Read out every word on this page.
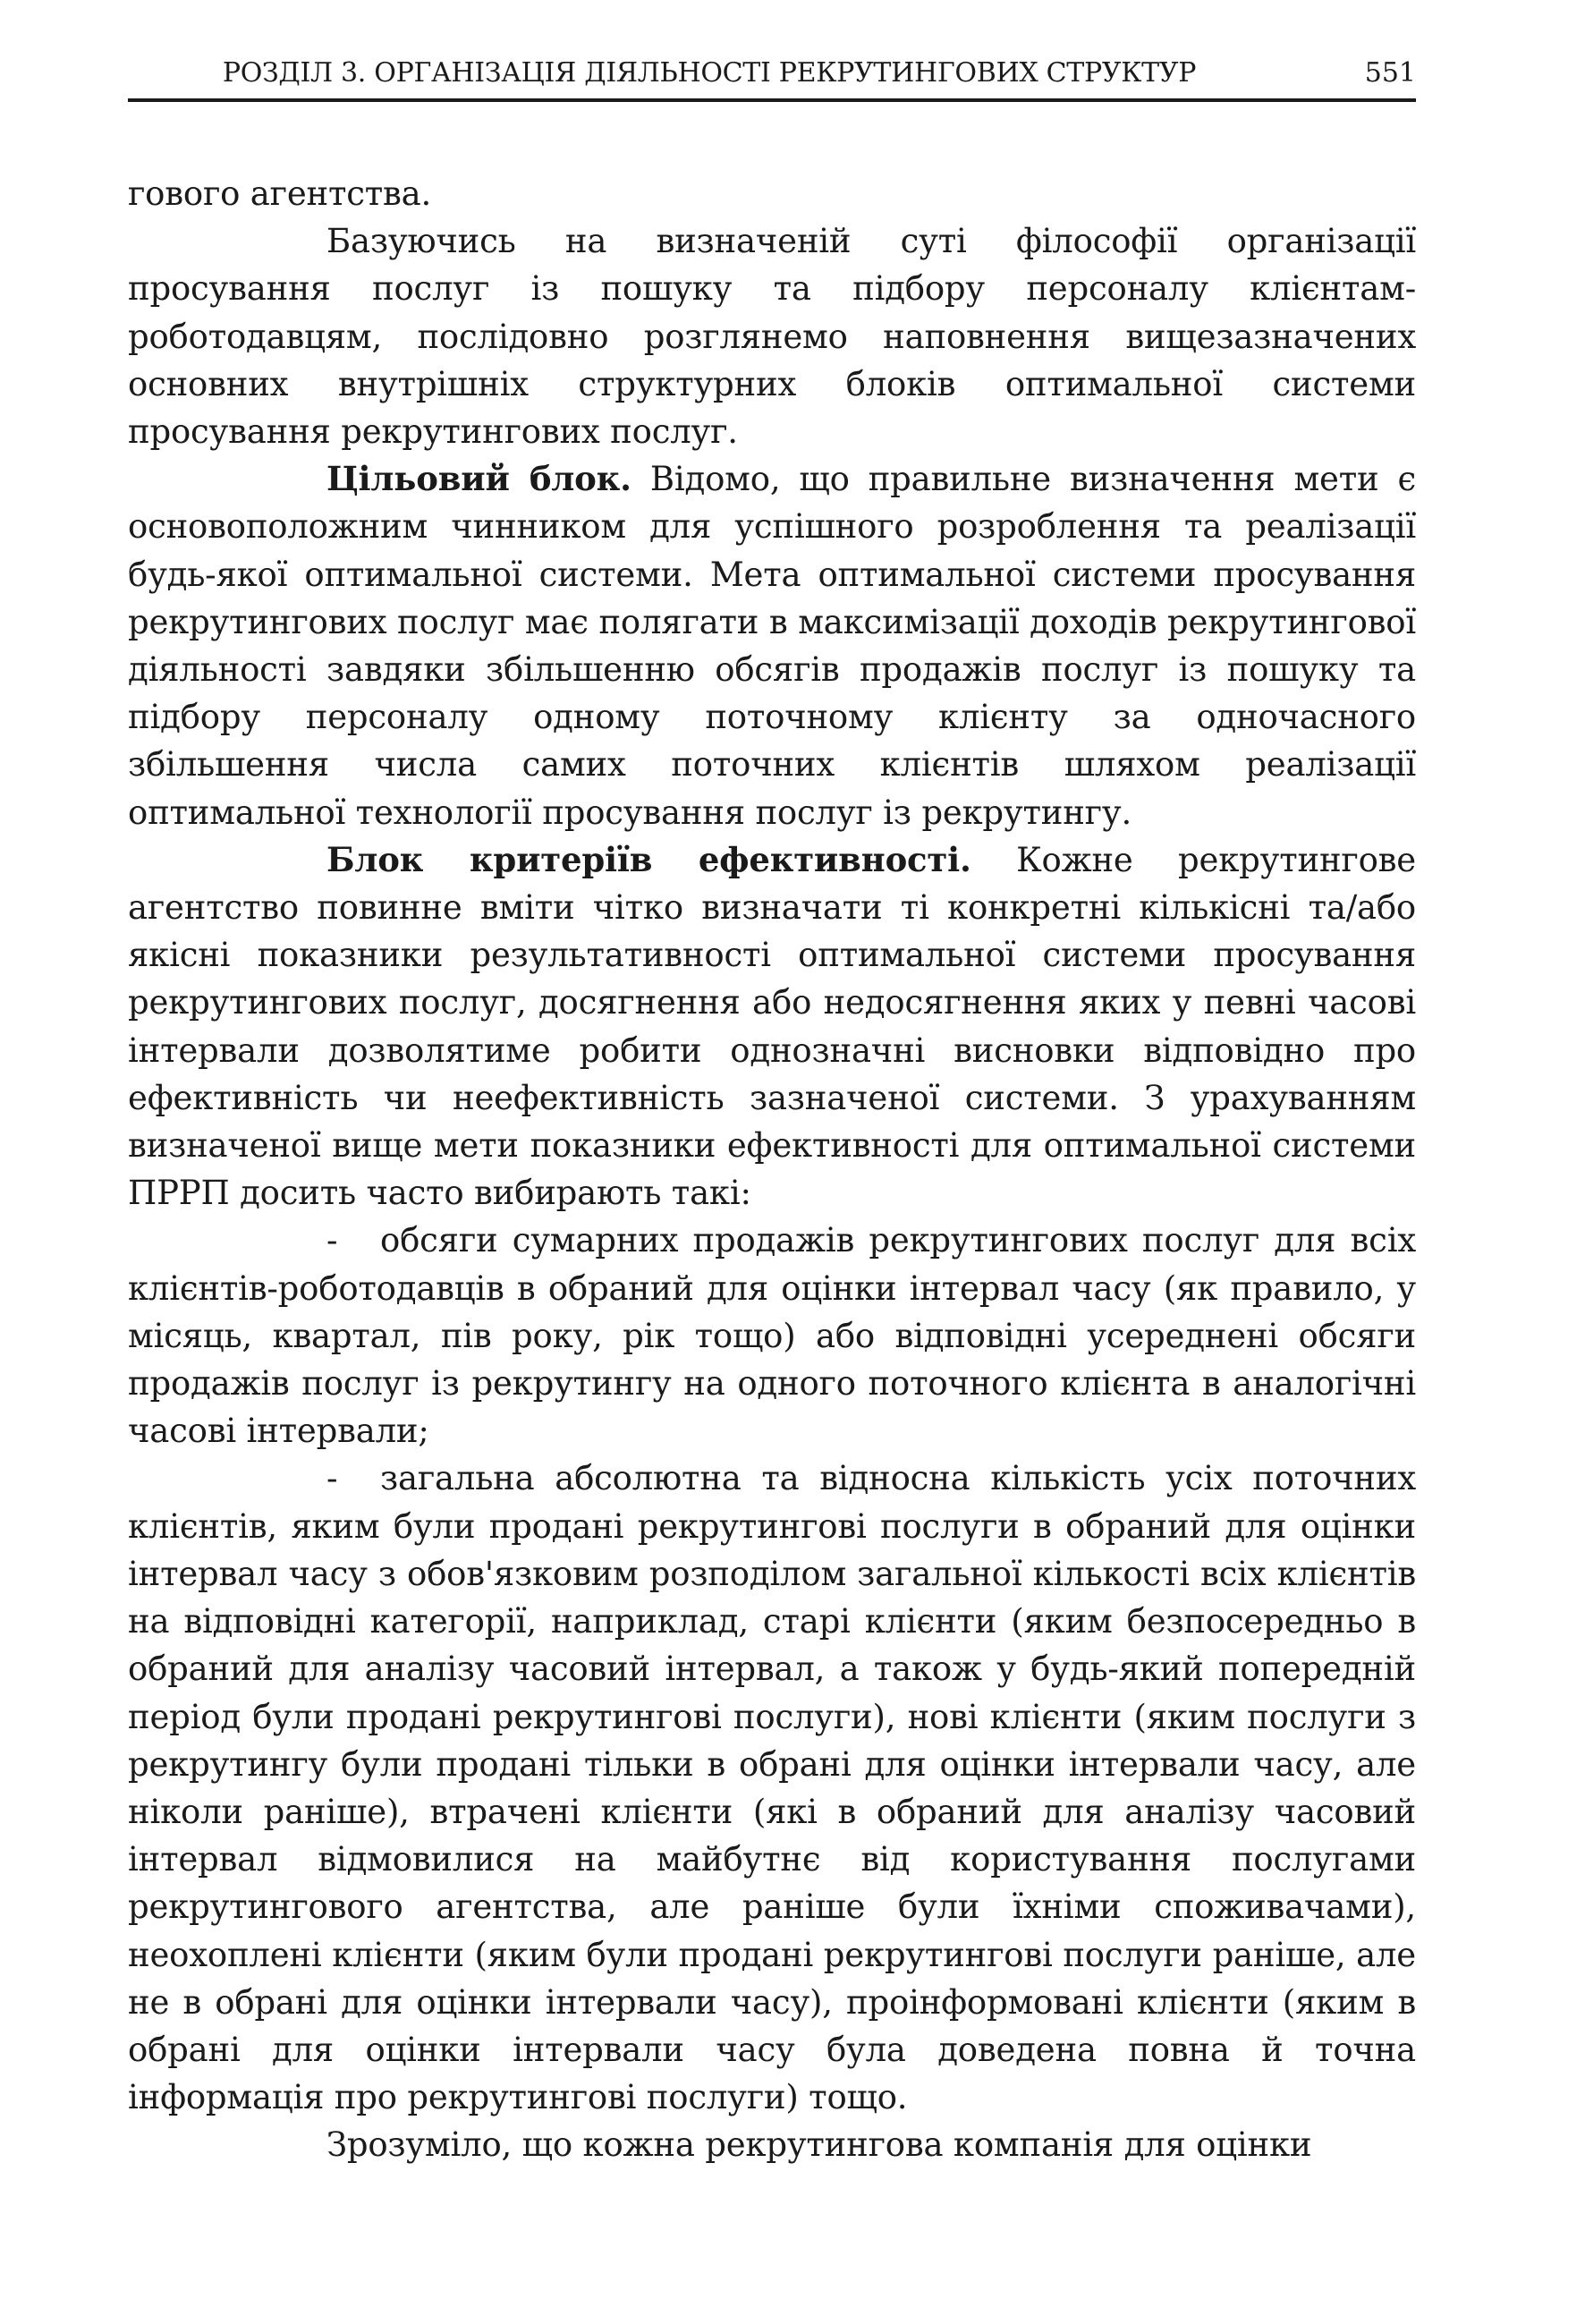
РОЗДІЛ 3. ОРГАНІЗАЦІЯ ДІЯЛЬНОСТІ РЕКРУТИНГОВИХ СТРУКТУР	551

гового агентства.

Базуючись на визначеній суті філософії організації просування послуг із пошуку та підбору персоналу клієнтам-роботодавцям, послідовно розглянемо наповнення вищезазначених основних внутрішніх структурних блоків оптимальної системи просування рекрутингових послуг.

Цільовий блок. Відомо, що правильне визначення мети є основоположним чинником для успішного розроблення та реалізації будь-якої оптимальної системи. Мета оптимальної системи просування рекрутингових послуг має полягати в максимізації доходів рекрутингової діяльності завдяки збільшенню обсягів продажів послуг із пошуку та підбору персоналу одному поточному клієнту за одночасного збільшення числа самих поточних клієнтів шляхом реалізації оптимальної технології просування послуг із рекрутингу.

Блок критеріїв ефективності. Кожне рекрутингове агентство повинне вміти чітко визначати ті конкретні кількісні та/або якісні показники результативності оптимальної системи просування рекрутингових послуг, досягнення або недосягнення яких у певні часові інтервали дозволятиме робити однозначні висновки відповідно про ефективність чи неефективність зазначеної системи. З урахуванням визначеної вище мети показники ефективності для оптимальної системи ПРРП досить часто вибирають такі:

- обсяги сумарних продажів рекрутингових послуг для всіх клієнтів-роботодавців в обраний для оцінки інтервал часу (як правило, у місяць, квартал, пів року, рік тощо) або відповідні усереднені обсяги продажів послуг із рекрутингу на одного поточного клієнта в аналогічні часові інтервали;

- загальна абсолютна та відносна кількість усіх поточних клієнтів, яким були продані рекрутингові послуги в обраний для оцінки інтервал часу з обов'язковим розподілом загальної кількості всіх клієнтів на відповідні категорії, наприклад, старі клієнти (яким безпосередньо в обраний для аналізу часовий інтервал, а також у будь-який попередній період були продані рекрутингові послуги), нові клієнти (яким послуги з рекрутингу були продані тільки в обрані для оцінки інтервали часу, але ніколи раніше), втрачені клієнти (які в обраний для аналізу часовий інтервал відмовилися на майбутнє від користування послугами рекрутингового агентства, але раніше були їхніми споживачами), неохоплені клієнти (яким були продані рекрутингові послуги раніше, але не в обрані для оцінки інтервали часу), проінформовані клієнти (яким в обрані для оцінки інтервали часу була доведена повна й точна інформація про рекрутингові послуги) тощо.

Зрозуміло, що кожна рекрутингова компанія для оцінки
